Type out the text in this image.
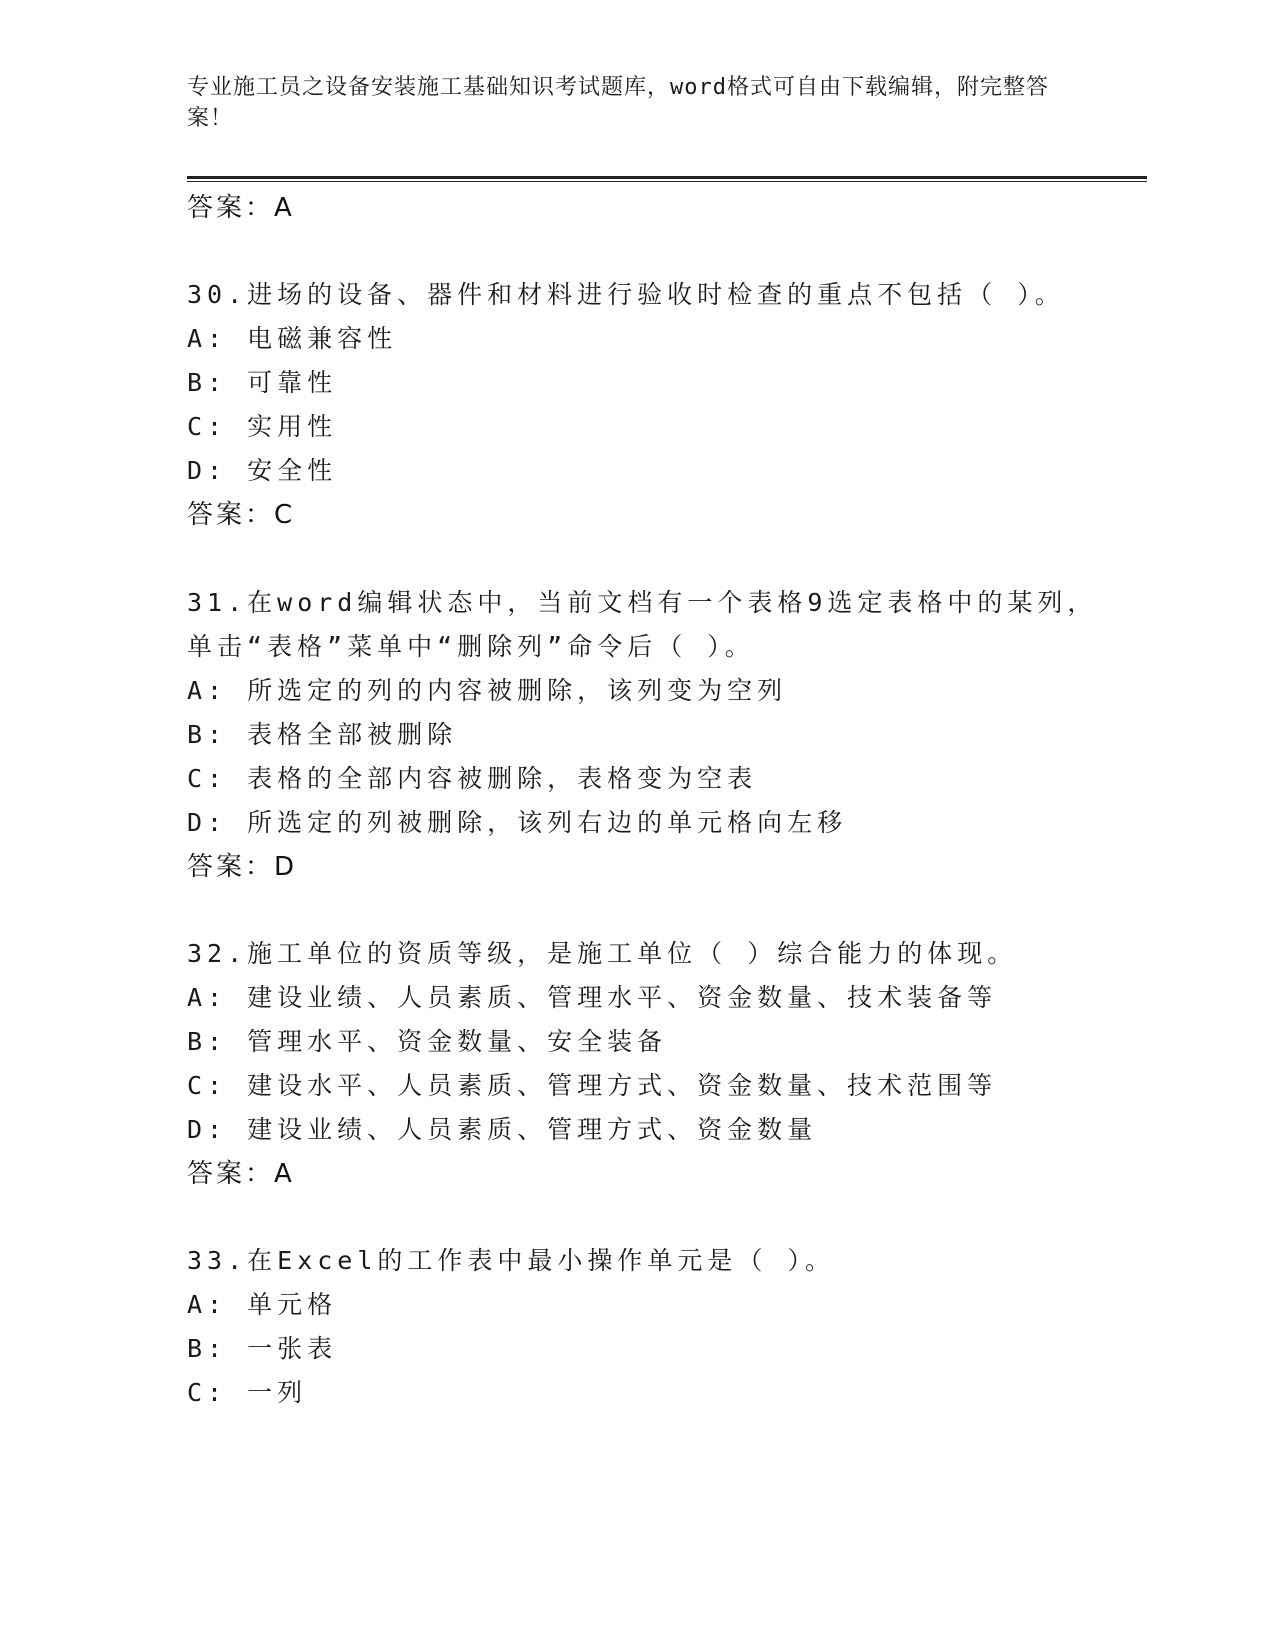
专业施工员之设备安装施工基础知识考试题库，word格式可自由下载编辑，附完整答案！
答案：A
30.进场的设备、器件和材料进行验收时检查的重点不包括（ ）。
A: 电磁兼容性
B: 可靠性
C: 实用性
D: 安全性
答案：C
31.在word编辑状态中，当前文档有一个表格9选定表格中的某列，
单击“表格”菜单中“删除列”命令后（ ）。
A: 所选定的列的内容被删除，该列变为空列
B: 表格全部被删除
C: 表格的全部内容被删除，表格变为空表
D: 所选定的列被删除，该列右边的单元格向左移
答案：D
32.施工单位的资质等级，是施工单位（ ）综合能力的体现。
A: 建设业绩、人员素质、管理水平、资金数量、技术装备等
B: 管理水平、资金数量、安全装备
C: 建设水平、人员素质、管理方式、资金数量、技术范围等
D: 建设业绩、人员素质、管理方式、资金数量
答案：A
33.在Excel的工作表中最小操作单元是（ ）。
A: 单元格
B: 一张表
C: 一列
